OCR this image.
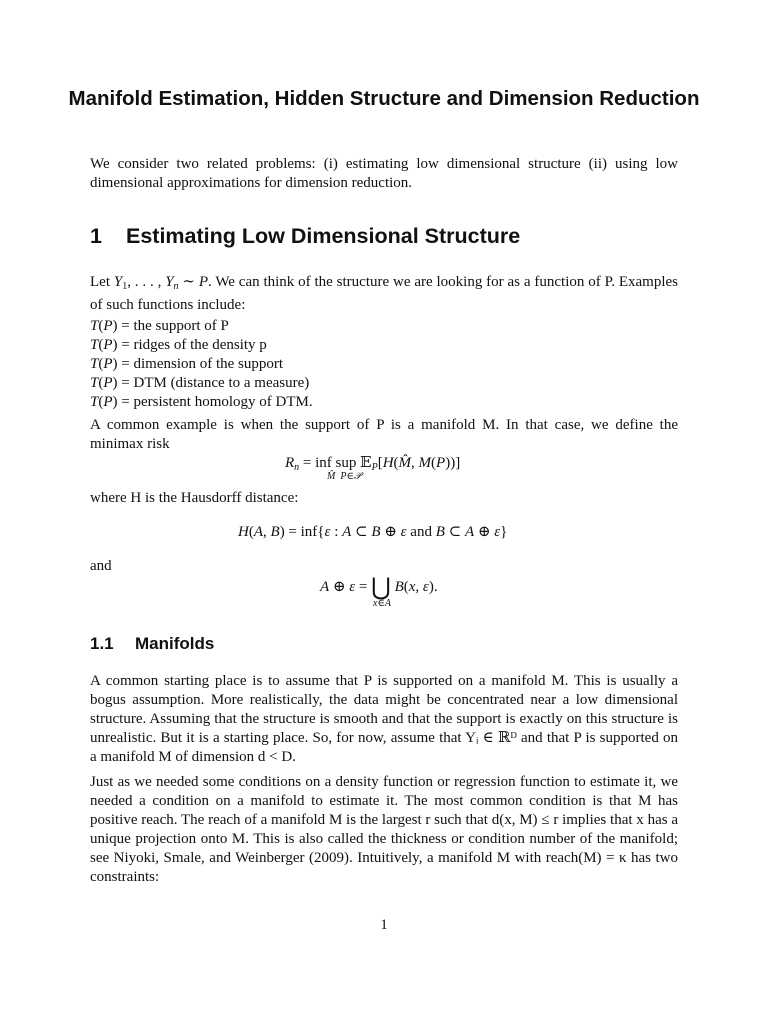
Manifold Estimation, Hidden Structure and Dimension Reduction
We consider two related problems: (i) estimating low dimensional structure (ii) using low dimensional approximations for dimension reduction.
1 Estimating Low Dimensional Structure
Let $Y_1$, . . . , $Y_n$ ∼ P. We can think of the structure we are looking for as a function of P. Examples of such functions include:
T(P) = the support of P
T(P) = ridges of the density p
T(P) = dimension of the support
T(P) = DTM (distance to a measure)
T(P) = persistent homology of DTM.
A common example is when the support of P is a manifold M. In that case, we define the minimax risk
$R_n$ = inf sup 𝔼$_P$[H(M̂, M(P))]
M̂  P∈𝒫
where H is the Hausdorff distance:
H(A, B) = inf{ε : A ⊂ B ⊕ ε and B ⊂ A ⊕ ε}
and
A ⊕ ε = ⋃ B(x, ε).
x∈A
1.1 Manifolds
A common starting place is to assume that P is supported on a manifold M. This is usually a bogus assumption. More realistically, the data might be concentrated near a low dimensional structure. Assuming that the structure is smooth and that the support is exactly on this structure is unrealistic. But it is a starting place. So, for now, assume that Yᵢ ∈ ℝᴰ and that P is supported on a manifold M of dimension d < D.
Just as we needed some conditions on a density function or regression function to estimate it, we needed a condition on a manifold to estimate it. The most common condition is that M has positive reach. The reach of a manifold M is the largest r such that d(x, M) ≤ r implies that x has a unique projection onto M. This is also called the thickness or condition number of the manifold; see Niyoki, Smale, and Weinberger (2009). Intuitively, a manifold M with reach(M) = κ has two constraints:
1
